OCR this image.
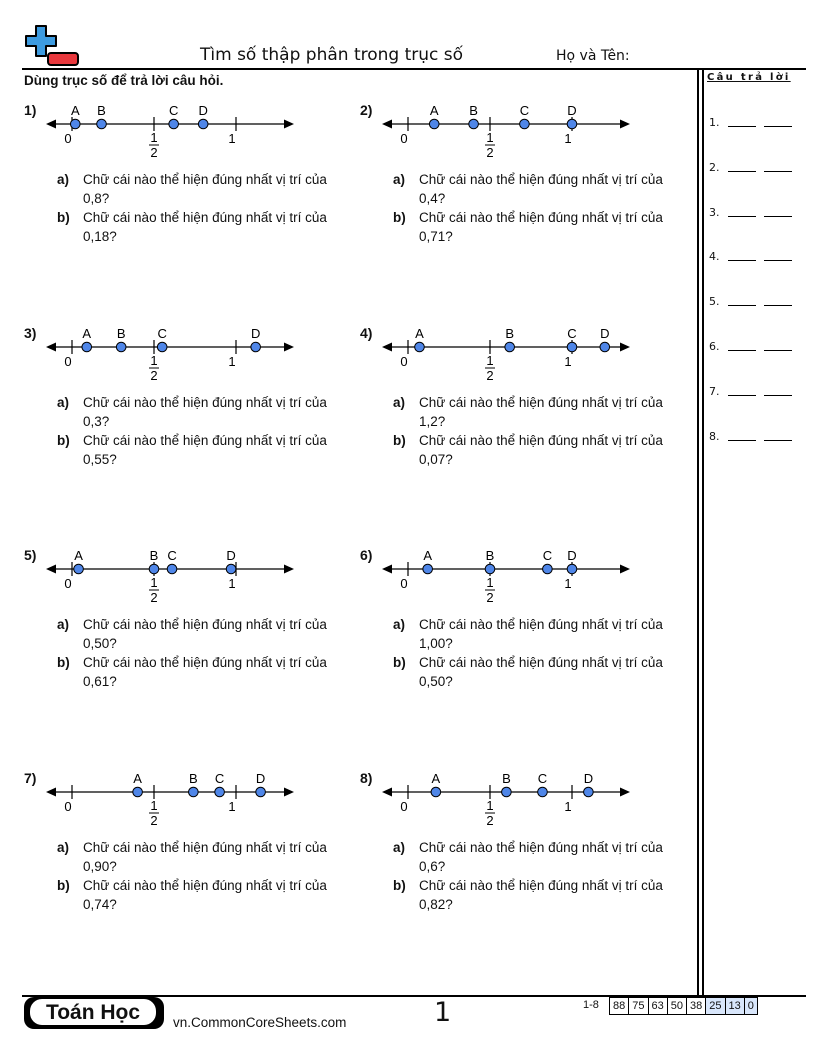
Tìm số thập phân trong trục số	Họ và Tên:
Dùng trục số để trả lời câu hỏi.	Câu trả lời
1.
2.
3.
4.
5.
6.
7.
8.
1)
0	1
1
2
A B	C D
a) Chữ cái nào thể hiện đúng nhất vị trí của 0,8?
b) Chữ cái nào thể hiện đúng nhất vị trí của 0,18?
2)
0	1
1
2
A B	C	D
a) Chữ cái nào thể hiện đúng nhất vị trí của 0,4?
b) Chữ cái nào thể hiện đúng nhất vị trí của 0,71?
3)
0	1
1
2
A B C	D
a) Chữ cái nào thể hiện đúng nhất vị trí của 0,3?
b) Chữ cái nào thể hiện đúng nhất vị trí của 0,55?
4)
0	1
1
2
A	B	C D
a) Chữ cái nào thể hiện đúng nhất vị trí của 1,2?
b) Chữ cái nào thể hiện đúng nhất vị trí của 0,07?
5)
0	1
1
2
A	B C	D
a) Chữ cái nào thể hiện đúng nhất vị trí của 0,50?
b) Chữ cái nào thể hiện đúng nhất vị trí của 0,61?
6)
0	1
1
2
A	B	C D
a) Chữ cái nào thể hiện đúng nhất vị trí của 1,00?
b) Chữ cái nào thể hiện đúng nhất vị trí của 0,50?
7)
0	1
1
2
A	B C D
a) Chữ cái nào thể hiện đúng nhất vị trí của 0,90?
b) Chữ cái nào thể hiện đúng nhất vị trí của 0,74?
8)
0	1
1
2
A	B C	D
a) Chữ cái nào thể hiện đúng nhất vị trí của 0,6?
b) Chữ cái nào thể hiện đúng nhất vị trí của 0,82?
Toán Học	vn.CommonCoreSheets.com	1	1-8 88	75	63	50	38	25	13	0
